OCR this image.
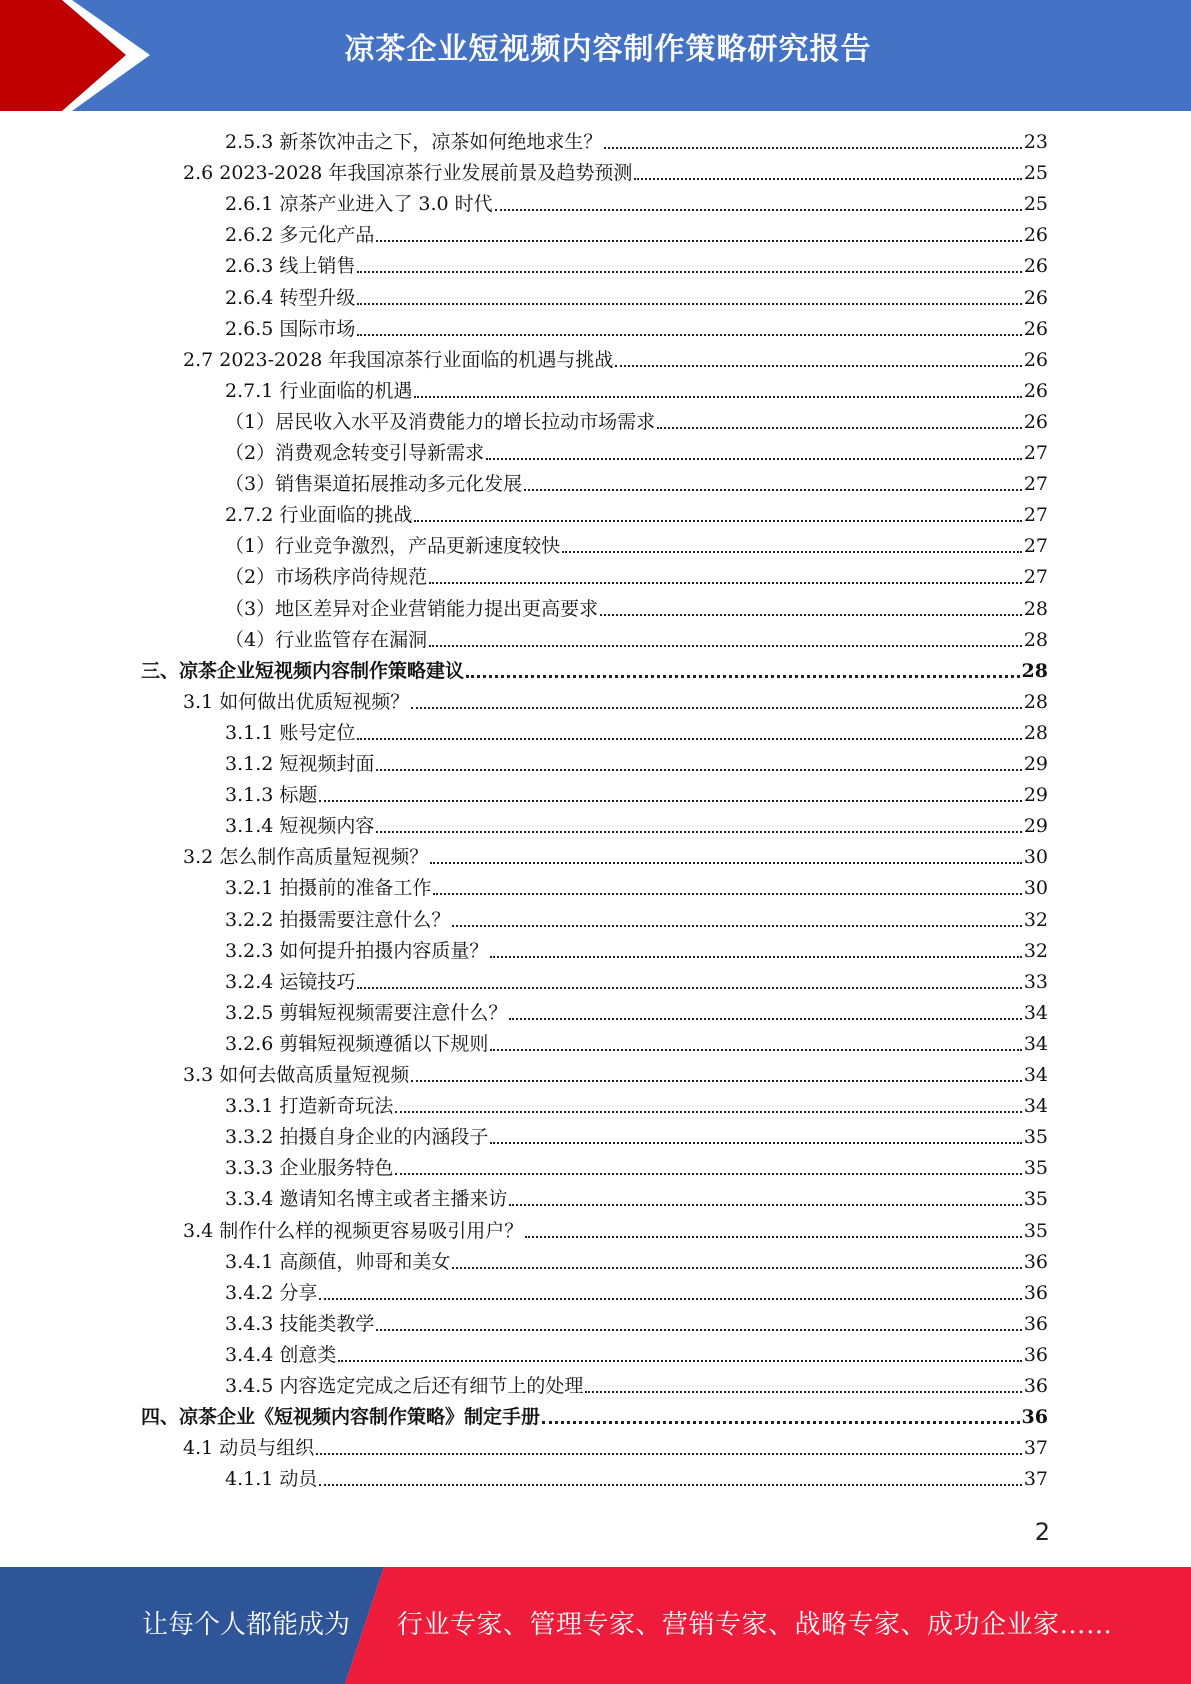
凉茶企业短视频内容制作策略研究报告
2.5.3 新茶饮冲击之下，凉茶如何绝地求生？	23
2.6 2023-2028 年我国凉茶行业发展前景及趋势预测	25
2.6.1 凉茶产业进入了 3.0 时代	25
2.6.2 多元化产品	26
2.6.3 线上销售	26
2.6.4 转型升级	26
2.6.5 国际市场	26
2.7 2023-2028 年我国凉茶行业面临的机遇与挑战	26
2.7.1 行业面临的机遇	26
（1）居民收入水平及消费能力的增长拉动市场需求	26
（2）消费观念转变引导新需求	27
（3）销售渠道拓展推动多元化发展	27
2.7.2 行业面临的挑战	27
（1）行业竞争激烈，产品更新速度较快	27
（2）市场秩序尚待规范	27
（3）地区差异对企业营销能力提出更高要求	28
（4）行业监管存在漏洞	28
三、凉茶企业短视频内容制作策略建议	28
3.1 如何做出优质短视频？	28
3.1.1 账号定位	28
3.1.2 短视频封面	29
3.1.3 标题	29
3.1.4 短视频内容	29
3.2 怎么制作高质量短视频？	30
3.2.1 拍摄前的准备工作	30
3.2.2 拍摄需要注意什么？	32
3.2.3 如何提升拍摄内容质量？	32
3.2.4 运镜技巧	33
3.2.5 剪辑短视频需要注意什么？	34
3.2.6 剪辑短视频遵循以下规则	34
3.3 如何去做高质量短视频	34
3.3.1 打造新奇玩法	34
3.3.2 拍摄自身企业的内涵段子	35
3.3.3 企业服务特色	35
3.3.4 邀请知名博主或者主播来访	35
3.4 制作什么样的视频更容易吸引用户？	35
3.4.1 高颜值，帅哥和美女	36
3.4.2 分享	36
3.4.3 技能类教学	36
3.4.4 创意类	36
3.4.5 内容选定完成之后还有细节上的处理	36
四、凉茶企业《短视频内容制作策略》制定手册	36
4.1 动员与组织	37
4.1.1 动员	37
2
让每个人都能成为 行业专家、管理专家、营销专家、战略专家、成功企业家……
